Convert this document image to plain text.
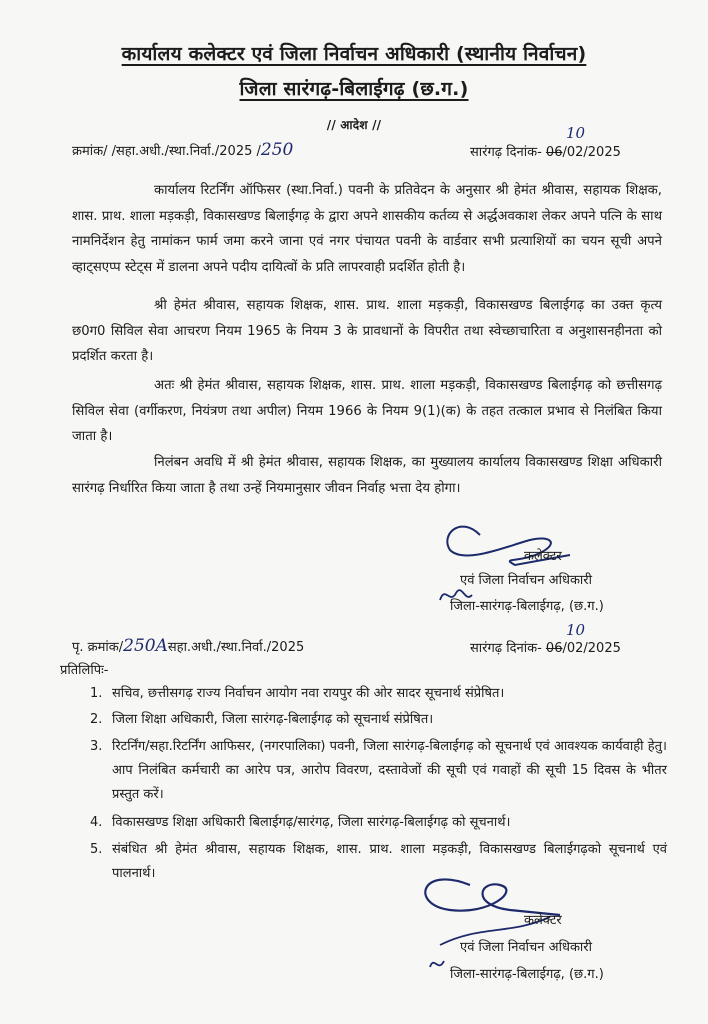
कार्यालय कलेक्टर एवं जिला निर्वाचन अधिकारी (स्थानीय निर्वाचन)
जिला सारंगढ़-बिलाईगढ़ (छ.ग.)
// आदेश //
क्रमांक/ /सहा.अधी./स्था.निर्वा./2025 /250	सारंगढ़ दिनांक- 06/02/2025
10

कार्यालय रिटर्निंग ऑफिसर (स्था.निर्वा.) पवनी के प्रतिवेदन के अनुसार श्री हेमंत श्रीवास, सहायक शिक्षक, शास. प्राथ. शाला मड़कड़ी, विकासखण्ड बिलाईगढ़ के द्वारा अपने शासकीय कर्तव्य से अर्द्धअवकाश लेकर अपने पत्नि के साथ नामनिर्देशन हेतु नामांकन फार्म जमा करने जाना एवं नगर पंचायत पवनी के वार्डवार सभी प्रत्याशियों का चयन सूची अपने व्हाट्सएप्प स्टेट्स में डालना अपने पदीय दायित्वों के प्रति लापरवाही प्रदर्शित होती है।

श्री हेमंत श्रीवास, सहायक शिक्षक, शास. प्राथ. शाला मड़कड़ी, विकासखण्ड बिलाईगढ़ का उक्त कृत्य छ0ग0 सिविल सेवा आचरण नियम 1965 के नियम 3 के प्रावधानों के विपरीत तथा स्वेच्छाचारिता व अनुशासनहीनता को प्रदर्शित करता है।

अतः श्री हेमंत श्रीवास, सहायक शिक्षक, शास. प्राथ. शाला मड़कड़ी, विकासखण्ड बिलाईगढ़ को छत्तीसगढ़ सिविल सेवा (वर्गीकरण, नियंत्रण तथा अपील) नियम 1966 के नियम 9(1)(क) के तहत तत्काल प्रभाव से निलंबित किया जाता है।

निलंबन अवधि में श्री हेमंत श्रीवास, सहायक शिक्षक, का मुख्यालय कार्यालय विकासखण्ड शिक्षा अधिकारी सारंगढ़ निर्धारित किया जाता है तथा उन्हें नियमानुसार जीवन निर्वाह भत्ता देय होगा।

कलेक्टर
एवं जिला निर्वाचन अधिकारी
जिला-सारंगढ़-बिलाईगढ़, (छ.ग.)
पृ. क्रमांक/250Aसहा.अधी./स्था.निर्वा./2025	सारंगढ़ दिनांक- 06/02/2025
10
प्रतिलिपिः-
1. सचिव, छत्तीसगढ़ राज्य निर्वाचन आयोग नवा रायपुर की ओर सादर सूचनार्थ संप्रेषित।
2. जिला शिक्षा अधिकारी, जिला सारंगढ़-बिलाईगढ़ को सूचनार्थ संप्रेषित।
3. रिटर्निंग/सहा.रिटर्निंग आफिसर, (नगरपालिका) पवनी, जिला सारंगढ़-बिलाईगढ़ को सूचनार्थ एवं आवश्यक कार्यवाही हेतु। आप निलंबित कर्मचारी का आरेप पत्र, आरोप विवरण, दस्तावेजों की सूची एवं गवाहों की सूची 15 दिवस के भीतर प्रस्तुत करें।
4. विकासखण्ड शिक्षा अधिकारी बिलाईगढ़/सारंगढ़, जिला सारंगढ़-बिलाईगढ़ को सूचनार्थ।
5. संबंधित श्री हेमंत श्रीवास, सहायक शिक्षक, शास. प्राथ. शाला मड़कड़ी, विकासखण्ड बिलाईगढ़को सूचनार्थ एवं पालनार्थ।
कलेक्टर
एवं जिला निर्वाचन अधिकारी
जिला-सारंगढ़-बिलाईगढ़, (छ.ग.)
